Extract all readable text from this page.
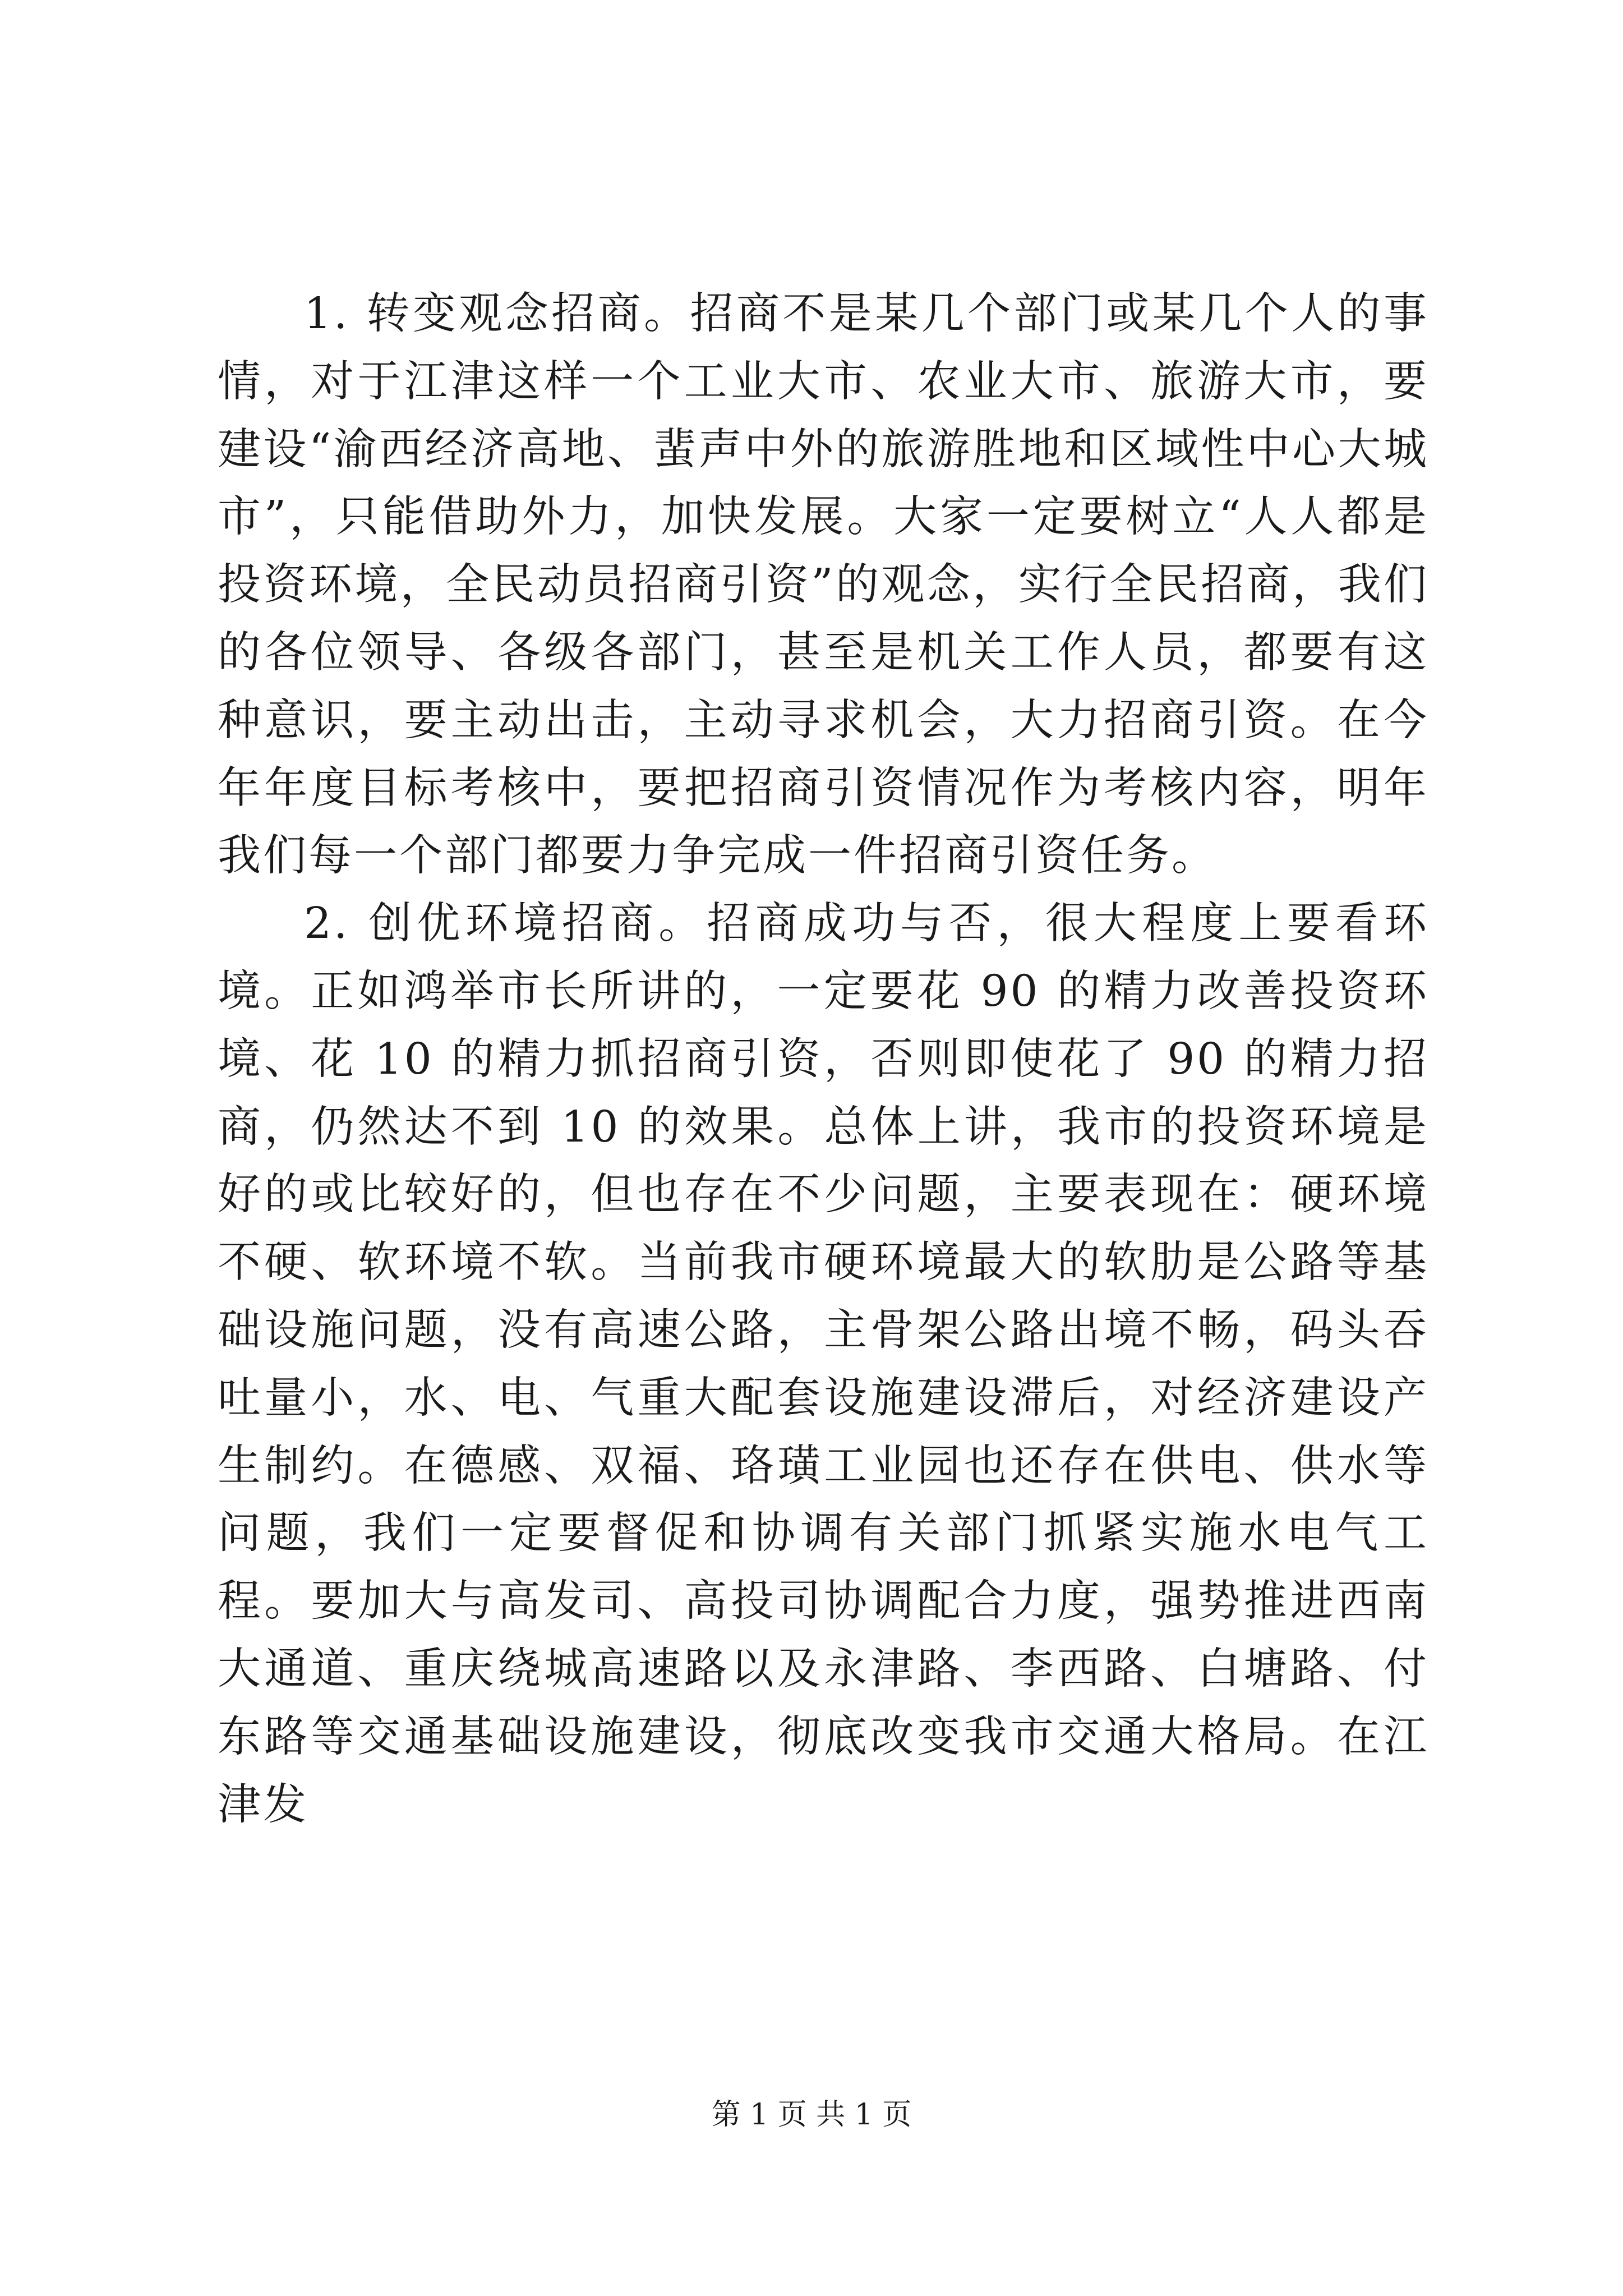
1. 转变观念招商。招商不是某几个部门或某几个人的事情，对于江津这样一个工业大市、农业大市、旅游大市，要建设“渝西经济高地、蜚声中外的旅游胜地和区域性中心大城市”，只能借助外力，加快发展。大家一定要树立“人人都是投资环境，全民动员招商引资”的观念，实行全民招商，我们的各位领导、各级各部门，甚至是机关工作人员，都要有这种意识，要主动出击，主动寻求机会，大力招商引资。在今年年度目标考核中，要把招商引资情况作为考核内容，明年我们每一个部门都要力争完成一件招商引资任务。

2. 创优环境招商。招商成功与否，很大程度上要看环境。正如鸿举市长所讲的，一定要花 90 的精力改善投资环境、花 10 的精力抓招商引资，否则即使花了 90 的精力招商，仍然达不到 10 的效果。总体上讲，我市的投资环境是好的或比较好的，但也存在不少问题，主要表现在：硬环境不硬、软环境不软。当前我市硬环境最大的软肋是公路等基础设施问题，没有高速公路，主骨架公路出境不畅，码头吞吐量小，水、电、气重大配套设施建设滞后，对经济建设产生制约。在德感、双福、珞璜工业园也还存在供电、供水等问题，我们一定要督促和协调有关部门抓紧实施水电气工程。要加大与高发司、高投司协调配合力度，强势推进西南大通道、重庆绕城高速路以及永津路、李西路、白塘路、付东路等交通基础设施建设，彻底改变我市交通大格局。在江津发

第 1 页 共 1 页
